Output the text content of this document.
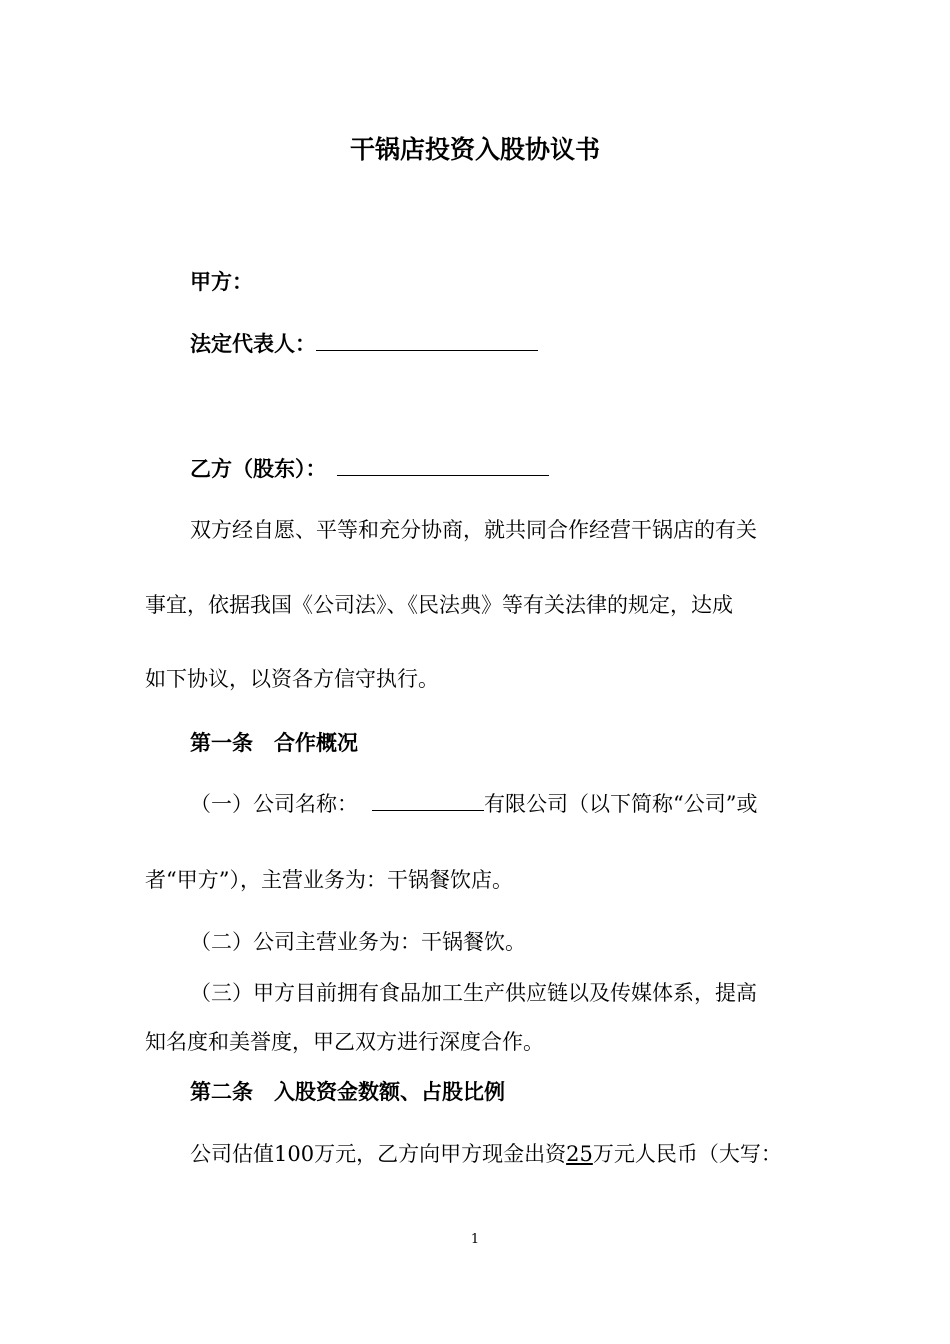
干锅店投资入股协议书
甲方：
法定代表人：
乙方（股东）：
双方经自愿、平等和充分协商，就共同合作经营干锅店的有关
事宜，依据我国《公司法》、《民法典》等有关法律的规定，达成
如下协议，以资各方信守执行。
第一条　合作概况
（一）公司名称：	有限公司（以下简称“公司”或
者“甲方”），主营业务为：干锅餐饮店。
（二）公司主营业务为：干锅餐饮。
（三）甲方目前拥有食品加工生产供应链以及传媒体系，提高
知名度和美誉度，甲乙双方进行深度合作。
第二条　入股资金数额、占股比例
公司估值100万元，乙方向甲方现金出资25万元人民币（大写：
1
